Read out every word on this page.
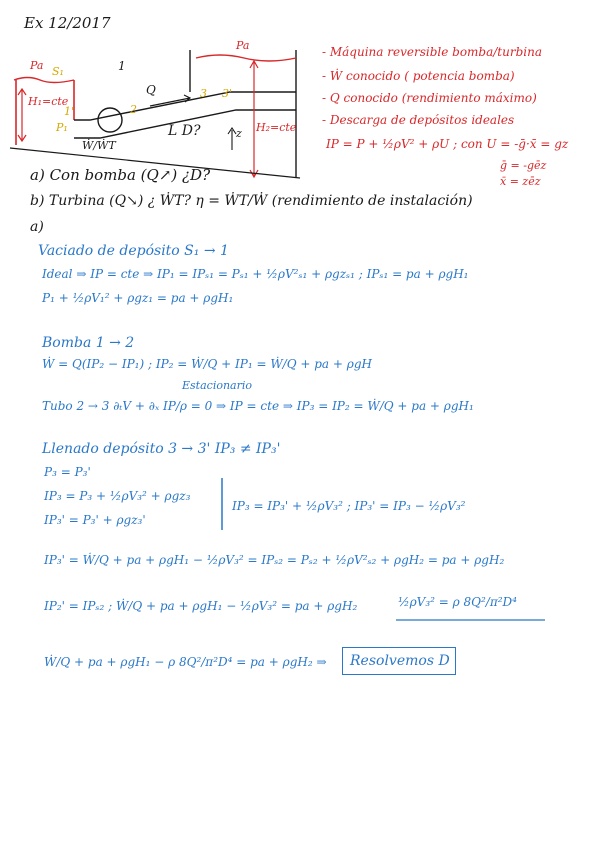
Ex 12/2017
Pa S₁
H₁=cte
1
1'
P₁
2
Q
Ẇ/ẆT
L D?	z
3 3'
Pa
H₂=cte
- Máquina reversible bomba/turbina
- Ẇ conocido ( potencia bomba)
- Q conocido (rendimiento máximo)
- Descarga de depósitos ideales
IP = P + ½ρV² + ρU ; con U = -ḡ·x̄ = gz
ḡ = -gēz
x̄ = zēz
a) Con bomba (Q↗) ¿D?
b) Turbina (Q↘) ¿ ẆT? η = ẆT/Ẇ (rendimiento de instalación)
a)
Vaciado de depósito S₁ → 1
Ideal ⇒ IP = cte ⇒ IP₁ = IPₛ₁ = Pₛ₁ + ½ρV²ₛ₁ + ρgzₛ₁ ; IPₛ₁ = pa + ρgH₁
P₁ + ½ρV₁² + ρgz₁ = pa + ρgH₁
Bomba 1 → 2
Ẇ = Q(IP₂ − IP₁) ; IP₂ = Ẇ/Q + IP₁ = Ẇ/Q + pa + ρgH
Estacionario
Tubo 2 → 3 ∂ₜV + ∂ₓ IP/ρ = 0 ⇒ IP = cte ⇒ IP₃ = IP₂ = Ẇ/Q + pa + ρgH₁
Llenado depósito 3 → 3' IP₃ ≠ IP₃'
P₃ = P₃'
IP₃ = P₃ + ½ρV₃² + ρgz₃
IP₃' = P₃' + ρgz₃'
IP₃ = IP₃' + ½ρV₃² ; IP₃' = IP₃ − ½ρV₃²
IP₃' = Ẇ/Q + pa + ρgH₁ − ½ρV₃² = IPₛ₂ = Pₛ₂ + ½ρV²ₛ₂ + ρgH₂ = pa + ρgH₂
IP₂' = IPₛ₂ ; Ẇ/Q + pa + ρgH₁ − ½ρV₃² = pa + ρgH₂	½ρV₃² = ρ 8Q²/π²D⁴
Ẇ/Q + pa + ρgH₁ − ρ 8Q²/π²D⁴ = pa + ρgH₂ ⇒ Resolvemos D
